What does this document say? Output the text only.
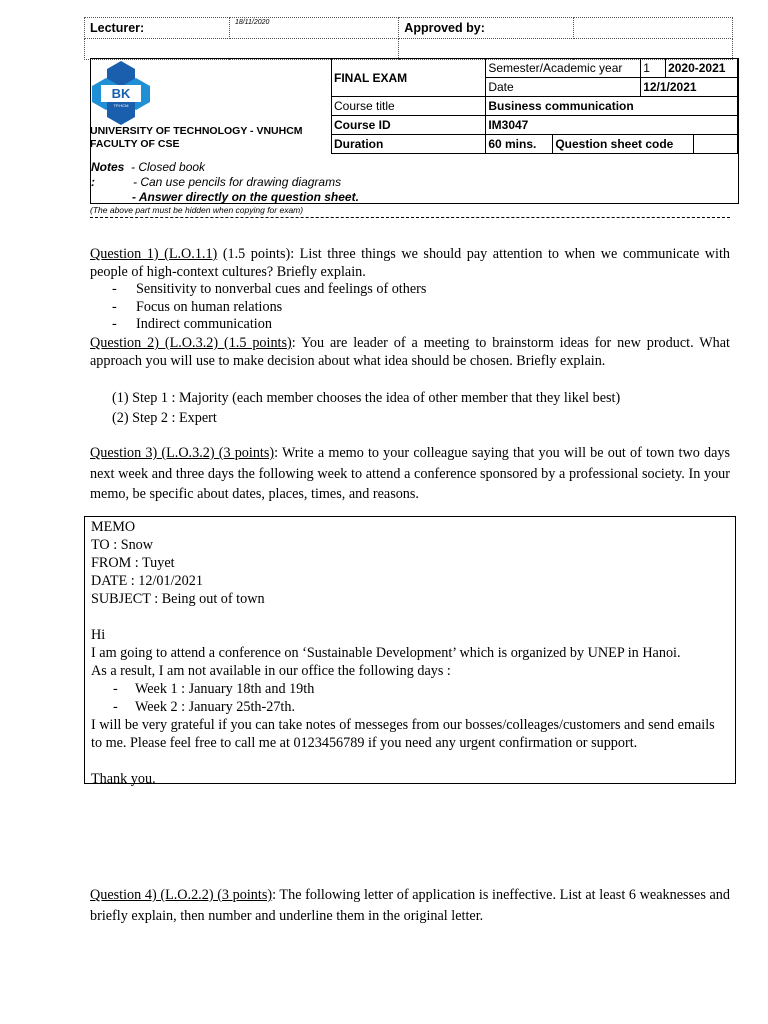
Lecturer:	18/11/2020	Approved by:	

BK
TP.HCM
UNIVERSITY OF TECHNOLOGY - VNUHCM
FACULTY OF CSE
FINAL EXAM	Semester/Academic year	1	2020-2021
Date	12/1/2021
Course title	Business communication
Course ID	IM3047
Duration		60 mins.	Question sheet code	
Notes - Closed book
:	- Can use pencils for drawing diagrams
- Answer directly on the question sheet.
(The above part must be hidden when copying for exam)
Question 1) (L.O.1.1) (1.5 points): List three things we should pay attention to when we communicate with people of high-context cultures? Briefly explain.
- Sensitivity to nonverbal cues and feelings of others
- Focus on human relations
- Indirect communication
Question 2) (L.O.3.2) (1.5 points): You are leader of a meeting to brainstorm ideas for new product. What approach you will use to make decision about what idea should be chosen. Briefly explain.
(1) Step 1 : Majority (each member chooses the idea of other member that they likel best)
(2) Step 2 : Expert
Question 3) (L.O.3.2) (3 points): Write a memo to your colleague saying that you will be out of town two days next week and three days the following week to attend a conference sponsored by a professional society. In your memo, be specific about dates, places, times, and reasons.
MEMO
TO : Snow
FROM : Tuyet
DATE : 12/01/2021
SUBJECT : Being out of town
Hi
I am going to attend a conference on ‘Sustainable Development’ which is organized by UNEP in Hanoi.
As a result, I am not available in our office the following days :
- Week 1 : January 18th and 19th
- Week 2 : January 25th-27th.
I will be very grateful if you can take notes of messeges from our bosses/colleages/customers and send emails to me. Please feel free to call me at 0123456789 if you need any urgent confirmation or support.
Thank you.
Question 4) (L.O.2.2) (3 points): The following letter of application is ineffective. List at least 6 weaknesses and briefly explain, then number and underline them in the original letter.
